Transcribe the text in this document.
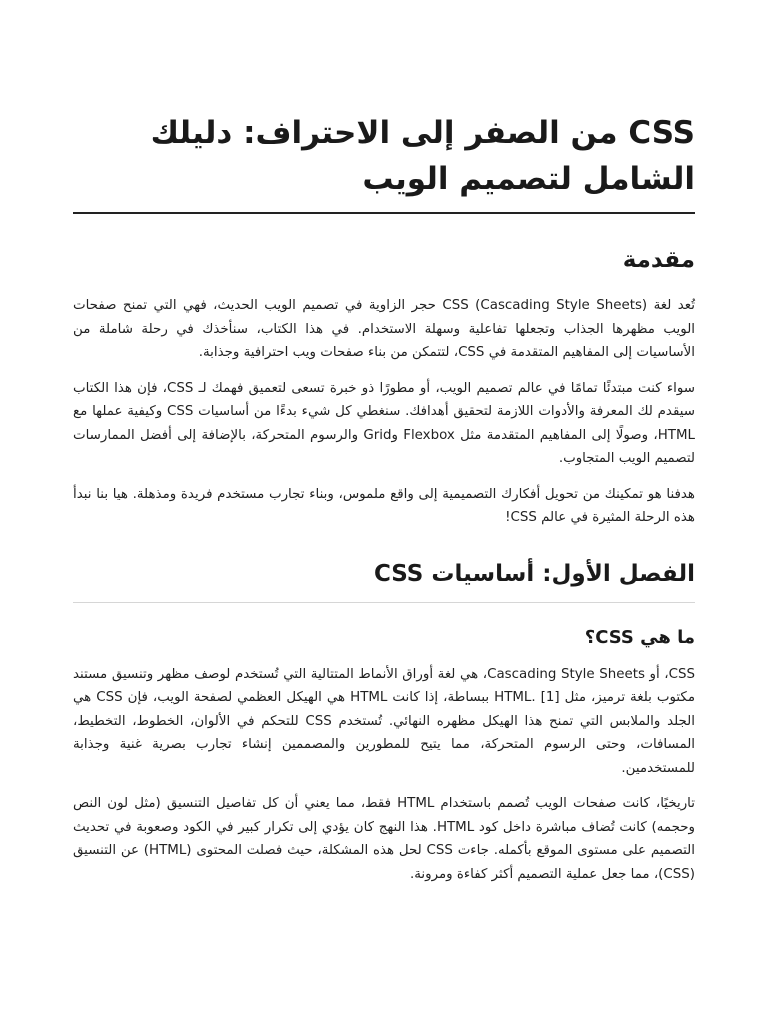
CSS من الصفر إلى الاحتراف: دليلك الشامل لتصميم الويب
مقدمة

تُعد لغة CSS (Cascading Style Sheets) حجر الزاوية في تصميم الويب الحديث، فهي التي تمنح صفحات الويب مظهرها الجذاب وتجعلها تفاعلية وسهلة الاستخدام. في هذا الكتاب، سنأخذك في رحلة شاملة من الأساسيات إلى المفاهيم المتقدمة في CSS، لتتمكن من بناء صفحات ويب احترافية وجذابة.

سواء كنت مبتدئًا تمامًا في عالم تصميم الويب، أو مطورًا ذو خبرة تسعى لتعميق فهمك لـ CSS، فإن هذا الكتاب سيقدم لك المعرفة والأدوات اللازمة لتحقيق أهدافك. سنغطي كل شيء بدءًا من أساسيات CSS وكيفية عملها مع HTML، وصولًا إلى المفاهيم المتقدمة مثل Flexbox وGrid والرسوم المتحركة، بالإضافة إلى أفضل الممارسات لتصميم الويب المتجاوب.

هدفنا هو تمكينك من تحويل أفكارك التصميمية إلى واقع ملموس، وبناء تجارب مستخدم فريدة ومذهلة. هيا بنا نبدأ هذه الرحلة المثيرة في عالم CSS!

الفصل الأول: أساسيات CSS
ما هي CSS؟

CSS، أو Cascading Style Sheets، هي لغة أوراق الأنماط المتتالية التي تُستخدم لوصف مظهر وتنسيق مستند مكتوب بلغة ترميز، مثل HTML. [1] ببساطة، إذا كانت HTML هي الهيكل العظمي لصفحة الويب، فإن CSS هي الجلد والملابس التي تمنح هذا الهيكل مظهره النهائي. تُستخدم CSS للتحكم في الألوان، الخطوط، التخطيط، المسافات، وحتى الرسوم المتحركة، مما يتيح للمطورين والمصممين إنشاء تجارب بصرية غنية وجذابة للمستخدمين.

تاريخيًا، كانت صفحات الويب تُصمم باستخدام HTML فقط، مما يعني أن كل تفاصيل التنسيق (مثل لون النص وحجمه) كانت تُضاف مباشرة داخل كود HTML. هذا النهج كان يؤدي إلى تكرار كبير في الكود وصعوبة في تحديث التصميم على مستوى الموقع بأكمله. جاءت CSS لحل هذه المشكلة، حيث فصلت المحتوى (HTML) عن التنسيق (CSS)، مما جعل عملية التصميم أكثر كفاءة ومرونة.
